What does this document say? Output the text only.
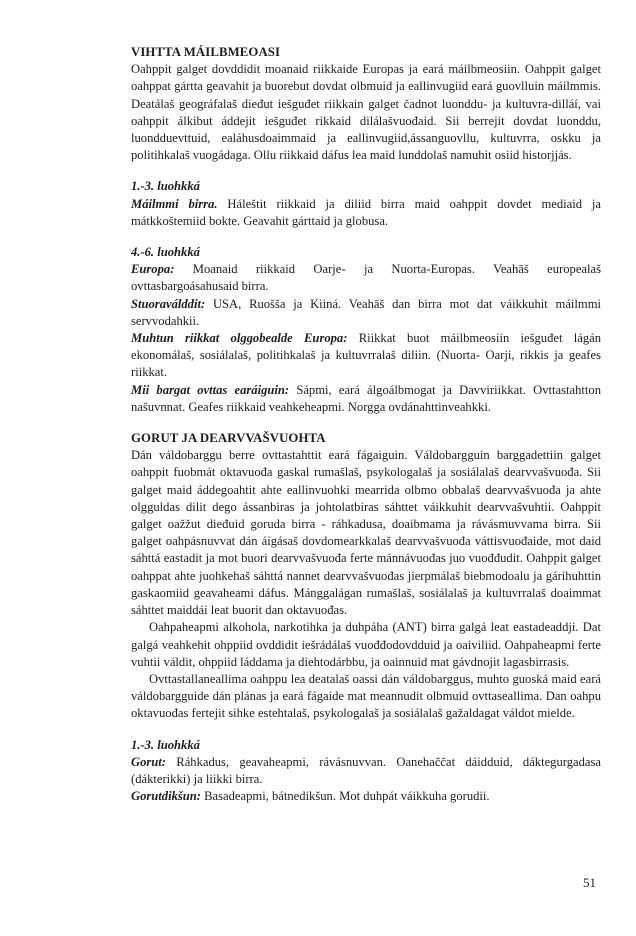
VIHTTA MÁILBMEOASI

Oahppit galget dovddidit moanaid riikkaide Europas ja eará máilbmeosiin. Oahppit galget oahppat gártta geavahit ja buorebut dovdat olbmuid ja eallinvugiid eará guovlluin máilmmis. Deatálaš geográfalaš dieđut iešguđet riikkain galget čadnot luonddu- ja kultuvra-dilláí, vai oahppit álkibut áddejit iešguđet rikkaid dilálašvuođaid. Sii berrejit dovdat luonddu, luondduevttuid, ealáhusdoaimmaid ja eallinvugiid,ássanguovllu, kultuvrra, oskku ja politihkalaš vuogádaga. Ollu riikkaid dáfus lea maid lunddolaš namuhit osiid historjjás.

1.-3. luohkká

Máilmmi birra. Háleštit riikkaid ja diliid birra maid oahppit dovdet mediaid ja mátkkoštemiid bokte. Geavahit gárttaid ja globusa.

4.-6. luohkká

Europa: Moanaid riikkaid Oarje- ja Nuorta-Europas. Veahāš europealaš ovttasbargoásahusaid birra.

Stuoraválddit: USA, Ruošša ja Kiiná. Veahāš dan birra mot dat váikkuhit máilmmi servvodahkii.

Muhtun riikkat olggobealde Europa: Riikkat buot máilbmeosiin iešguđet lágán ekonomálaš, sosiálalaš, politihkalaš ja kultuvrralaš diliin. (Nuorta- Oarji, rikkis ja geafes riikkat.

Mii bargat ovttas earáiguin: Sápmi, eará álgoálbmogat ja Davviriikkat. Ovttastahtton našuvnnat. Geafes riikkaid veahkeheapmi. Norgga ovdánahttinveahkki.

GORUT JA DEARVVAŠVUOHTA

Dán váldobarggu berre ovttastahttit eará fágaiguin. Váldobargguin barggadettiin galget oahppit fuobmát oktavuođa gaskal rumašlaš, psykologalaš ja sosiálalaš dearvvašvuođa. Sii galget maid áddegoahtit ahte eallinvuohki mearrida olbmo obbalaš dearvvašvuođa ja ahte olgguldas dilit dego ássanbiras ja johtolatbiras sáhttet váikkuhit dearvvašvuhtii. Oahppit galget oažžut dieđuid goruda birra - ráhkadusa, doaibmama ja rávásmuvvama birra. Sii galget oahpásnuvvat dán áigásaš dovdomearkkalaš dearvvašvuođa váttisvuođaide, mot daid sáhttá eastadit ja mot buori dearvvašvuođa ferte mánnávuođas juo vuođđudit. Oahppit galget oahppat ahte juohkehaš sáhttá nannet dearvvašvuođas jierpmálaš biebmodoalu ja gárihuhttin gaskaomiid geavaheami dáfus. Mánggalágan rumašlaš, sosiálalaš ja kultuvrralaš doaimmat sáhttet maiddái leat buorit dan oktavuođas.

Oahpaheapmi alkohola, narkotihka ja duhpáha (ANT) birra galgá leat eastadeaddji. Dat galgá veahkehit ohppiid ovddidit iešrádálaš vuođđodovdduid ja oaiviliid. Oahpaheapmi ferte vuhtii váldit, ohppiid láddama ja diehtodárbbu, ja oainnuid mat gávdnojit lagasbirrasis.

Ovttastallaneallima oahppu lea deatalaš oassi dán váldobarggus, muhto guoská maid eará váldobargguide dán plánas ja eará fágaide mat meannudit olbmuid ovttaseallima. Dan oahpu oktavuođas fertejit sihke estehtalaš, psykologalaš ja sosiálalaš gažaldagat váldot mielde.

1.-3. luohkká

Gorut: Ráhkadus, geavaheapmi, rávásnuvvan. Oanehaččat dáidduid, dáktegurgadasa (dákterikki) ja liikki birra.

Gorutdikšun: Basadeapmi, bátnedikšun. Mot duhpát váikkuha gorudii.

51
